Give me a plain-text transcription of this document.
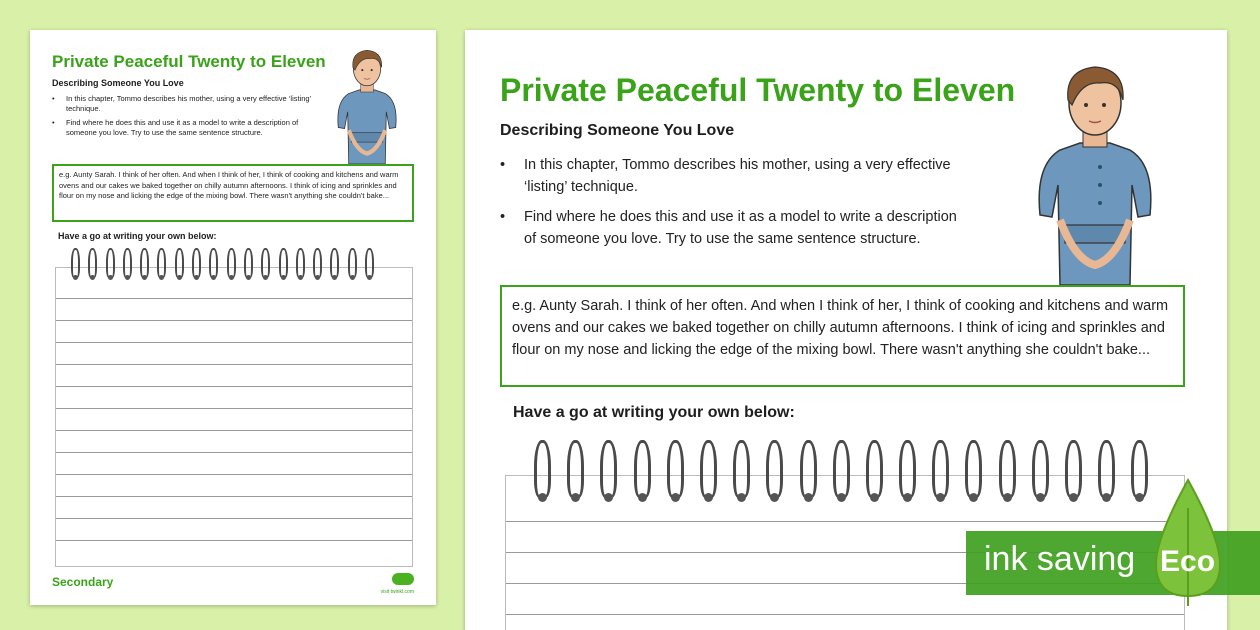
Private Peaceful Twenty to Eleven
Describing Someone You Love
• In this chapter, Tommo describes his mother, using a very effective ‘listing’ technique.
• Find where he does this and use it as a model to write a description of someone you love. Try to use the same sentence structure.
e.g. Aunty Sarah. I think of her often. And when I think of her, I think of cooking and kitchens and warm ovens and our cakes we baked together on chilly autumn afternoons. I think of icing and sprinkles and flour on my nose and licking the edge of the mixing bowl. There wasn't anything she couldn't bake...
Have a go at writing your own below:
Secondary
visit twinkl.com
Private Peaceful Twenty to Eleven
Describing Someone You Love
• In this chapter, Tommo describes his mother, using a very effective ‘listing’ technique.
• Find where he does this and use it as a model to write a description of someone you love. Try to use the same sentence structure.
e.g. Aunty Sarah. I think of her often. And when I think of her, I think of cooking and kitchens and warm ovens and our cakes we baked together on chilly autumn afternoons. I think of icing and sprinkles and flour on my nose and licking the edge of the mixing bowl. There wasn't anything she couldn't bake...
Have a go at writing your own below:
ink saving Eco
